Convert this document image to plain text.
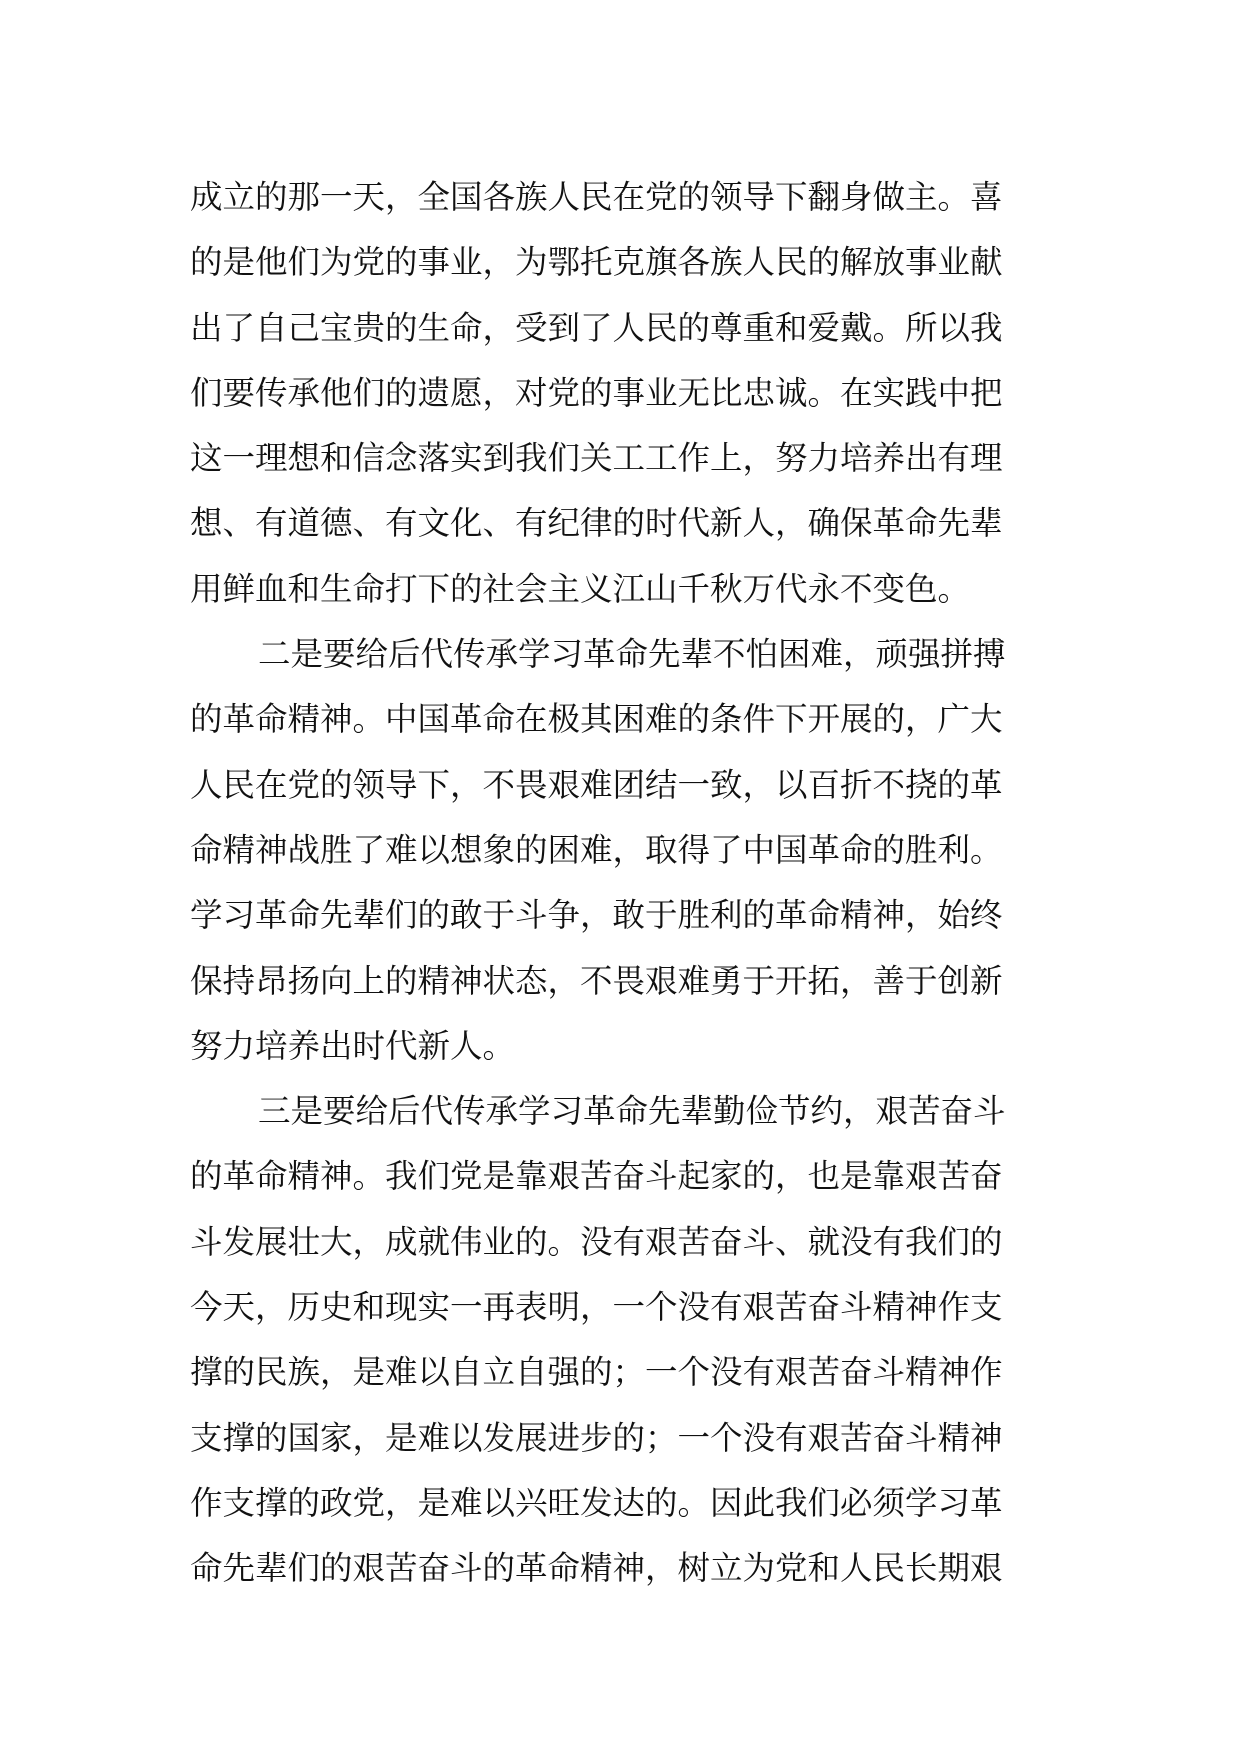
成立的那一天，全国各族人民在党的领导下翻身做主。喜
的是他们为党的事业，为鄂托克旗各族人民的解放事业献
出了自己宝贵的生命，受到了人民的尊重和爱戴。所以我
们要传承他们的遗愿，对党的事业无比忠诚。在实践中把
这一理想和信念落实到我们关工工作上，努力培养出有理
想、有道德、有文化、有纪律的时代新人，确保革命先辈
用鲜血和生命打下的社会主义江山千秋万代永不变色。
二是要给后代传承学习革命先辈不怕困难，顽强拼搏
的革命精神。中国革命在极其困难的条件下开展的，广大
人民在党的领导下，不畏艰难团结一致，以百折不挠的革
命精神战胜了难以想象的困难，取得了中国革命的胜利。
学习革命先辈们的敢于斗争，敢于胜利的革命精神，始终
保持昂扬向上的精神状态，不畏艰难勇于开拓，善于创新
努力培养出时代新人。
三是要给后代传承学习革命先辈勤俭节约，艰苦奋斗
的革命精神。我们党是靠艰苦奋斗起家的，也是靠艰苦奋
斗发展壮大，成就伟业的。没有艰苦奋斗、就没有我们的
今天，历史和现实一再表明，一个没有艰苦奋斗精神作支
撑的民族，是难以自立自强的；一个没有艰苦奋斗精神作
支撑的国家，是难以发展进步的；一个没有艰苦奋斗精神
作支撑的政党，是难以兴旺发达的。因此我们必须学习革
命先辈们的艰苦奋斗的革命精神，树立为党和人民长期艰
